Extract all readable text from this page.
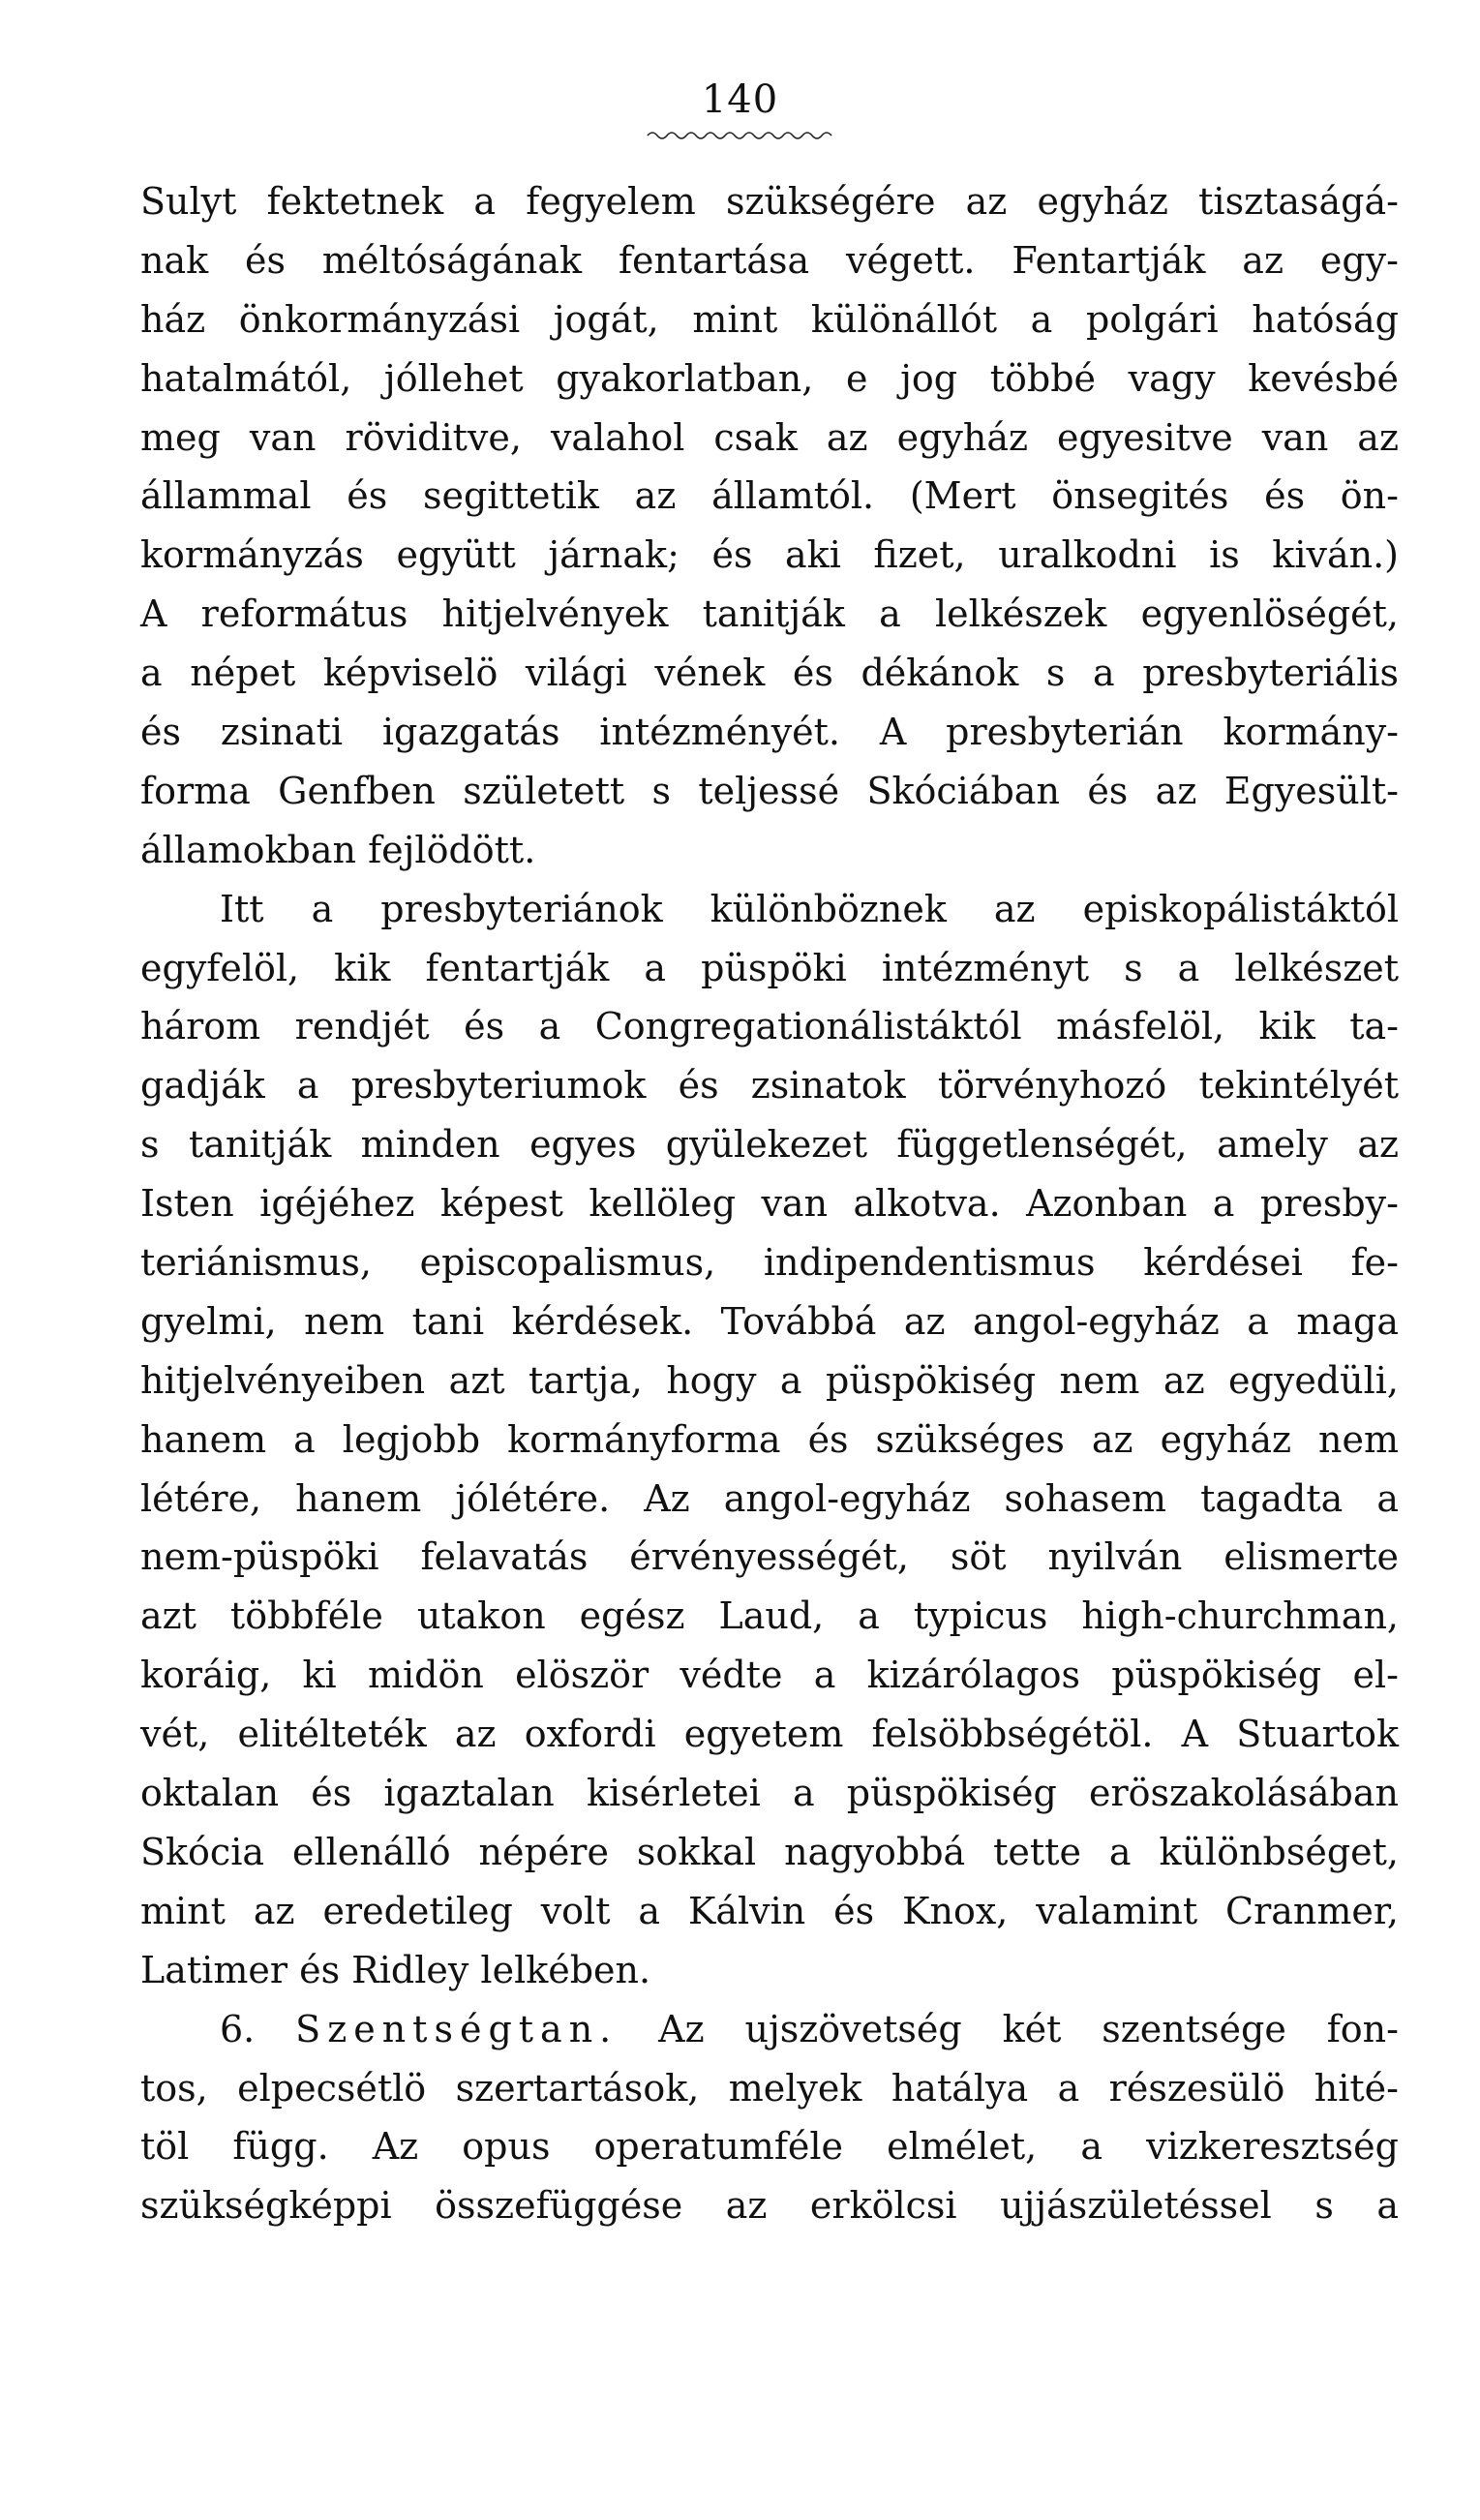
140
Sulyt fektetnek a fegyelem szükségére az egyház tisztaságá-
nak és méltóságának fentartása végett. Fentartják az egy-
ház önkormányzási jogát, mint különállót a polgári hatóság
hatalmától, jóllehet gyakorlatban, e jog többé vagy kevésbé
meg van röviditve, valahol csak az egyház egyesitve van az
állammal és segittetik az államtól. (Mert önsegités és ön-
kormányzás együtt járnak; és aki fizet, uralkodni is kiván.)
A református hitjelvények tanitják a lelkészek egyenlöségét,
a népet képviselö világi vének és dékánok s a presbyteriális
és zsinati igazgatás intézményét. A presbyterián kormány-
forma Genfben született s teljessé Skóciában és az Egyesült-
államokban fejlödött.
Itt a presbyteriánok különböznek az episkopálistáktól
egyfelöl, kik fentartják a püspöki intézményt s a lelkészet
három rendjét és a Congregationálistáktól másfelöl, kik ta-
gadják a presbyteriumok és zsinatok törvényhozó tekintélyét
s tanitják minden egyes gyülekezet függetlenségét, amely az
Isten igéjéhez képest kellöleg van alkotva. Azonban a presby-
teriánismus, episcopalismus, indipendentismus kérdései fe-
gyelmi, nem tani kérdések. Továbbá az angol-egyház a maga
hitjelvényeiben azt tartja, hogy a püspökiség nem az egyedüli,
hanem a legjobb kormányforma és szükséges az egyház nem
létére, hanem jólétére. Az angol-egyház sohasem tagadta a
nem-püspöki felavatás érvényességét, söt nyilván elismerte
azt többféle utakon egész Laud, a typicus high-churchman,
koráig, ki midön elöször védte a kizárólagos püspökiség el-
vét, elitélteték az oxfordi egyetem felsöbbségétöl. A Stuartok
oktalan és igaztalan kisérletei a püspökiség eröszakolásában
Skócia ellenálló népére sokkal nagyobbá tette a különbséget,
mint az eredetileg volt a Kálvin és Knox, valamint Cranmer,
Latimer és Ridley lelkében.
6. Szentségtan. Az ujszövetség két szentsége fon-
tos, elpecsétlö szertartások, melyek hatálya a részesülö hité-
töl függ. Az opus operatumféle elmélet, a vizkeresztség
szükségképpi összefüggése az erkölcsi ujjászületéssel s a
